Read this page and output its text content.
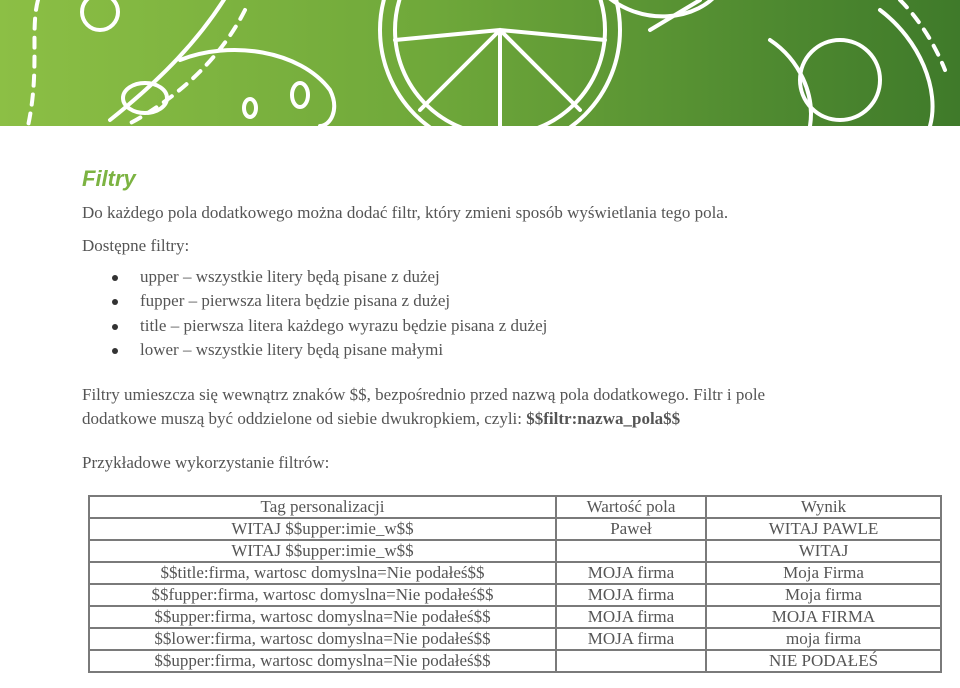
Filtry
Do każdego pola dodatkowego można dodać filtr, który zmieni sposób wyświetlania tego pola.
Dostępne filtry:
upper – wszystkie litery będą pisane z dużej
fupper – pierwsza litera będzie pisana z dużej
title – pierwsza litera każdego wyrazu będzie pisana z dużej
lower – wszystkie litery będą pisane małymi
Filtry umieszcza się wewnątrz znaków $$, bezpośrednio przed nazwą pola dodatkowego. Filtr i pole
dodatkowe muszą być oddzielone od siebie dwukropkiem, czyli: $$filtr:nazwa_pola$$
Przykładowe wykorzystanie filtrów:
Tag personalizacji	Wartość pola	Wynik
WITAJ $$upper:imie_w$$	Paweł	WITAJ PAWLE
WITAJ $$upper:imie_w$$		WITAJ
$$title:firma, wartosc domyslna=Nie podałeś$$	MOJA firma	Moja Firma
$$fupper:firma, wartosc domyslna=Nie podałeś$$	MOJA firma	Moja firma
$$upper:firma, wartosc domyslna=Nie podałeś$$	MOJA firma	MOJA FIRMA
$$lower:firma, wartosc domyslna=Nie podałeś$$	MOJA firma	moja firma
$$upper:firma, wartosc domyslna=Nie podałeś$$		NIE PODAŁEŚ
